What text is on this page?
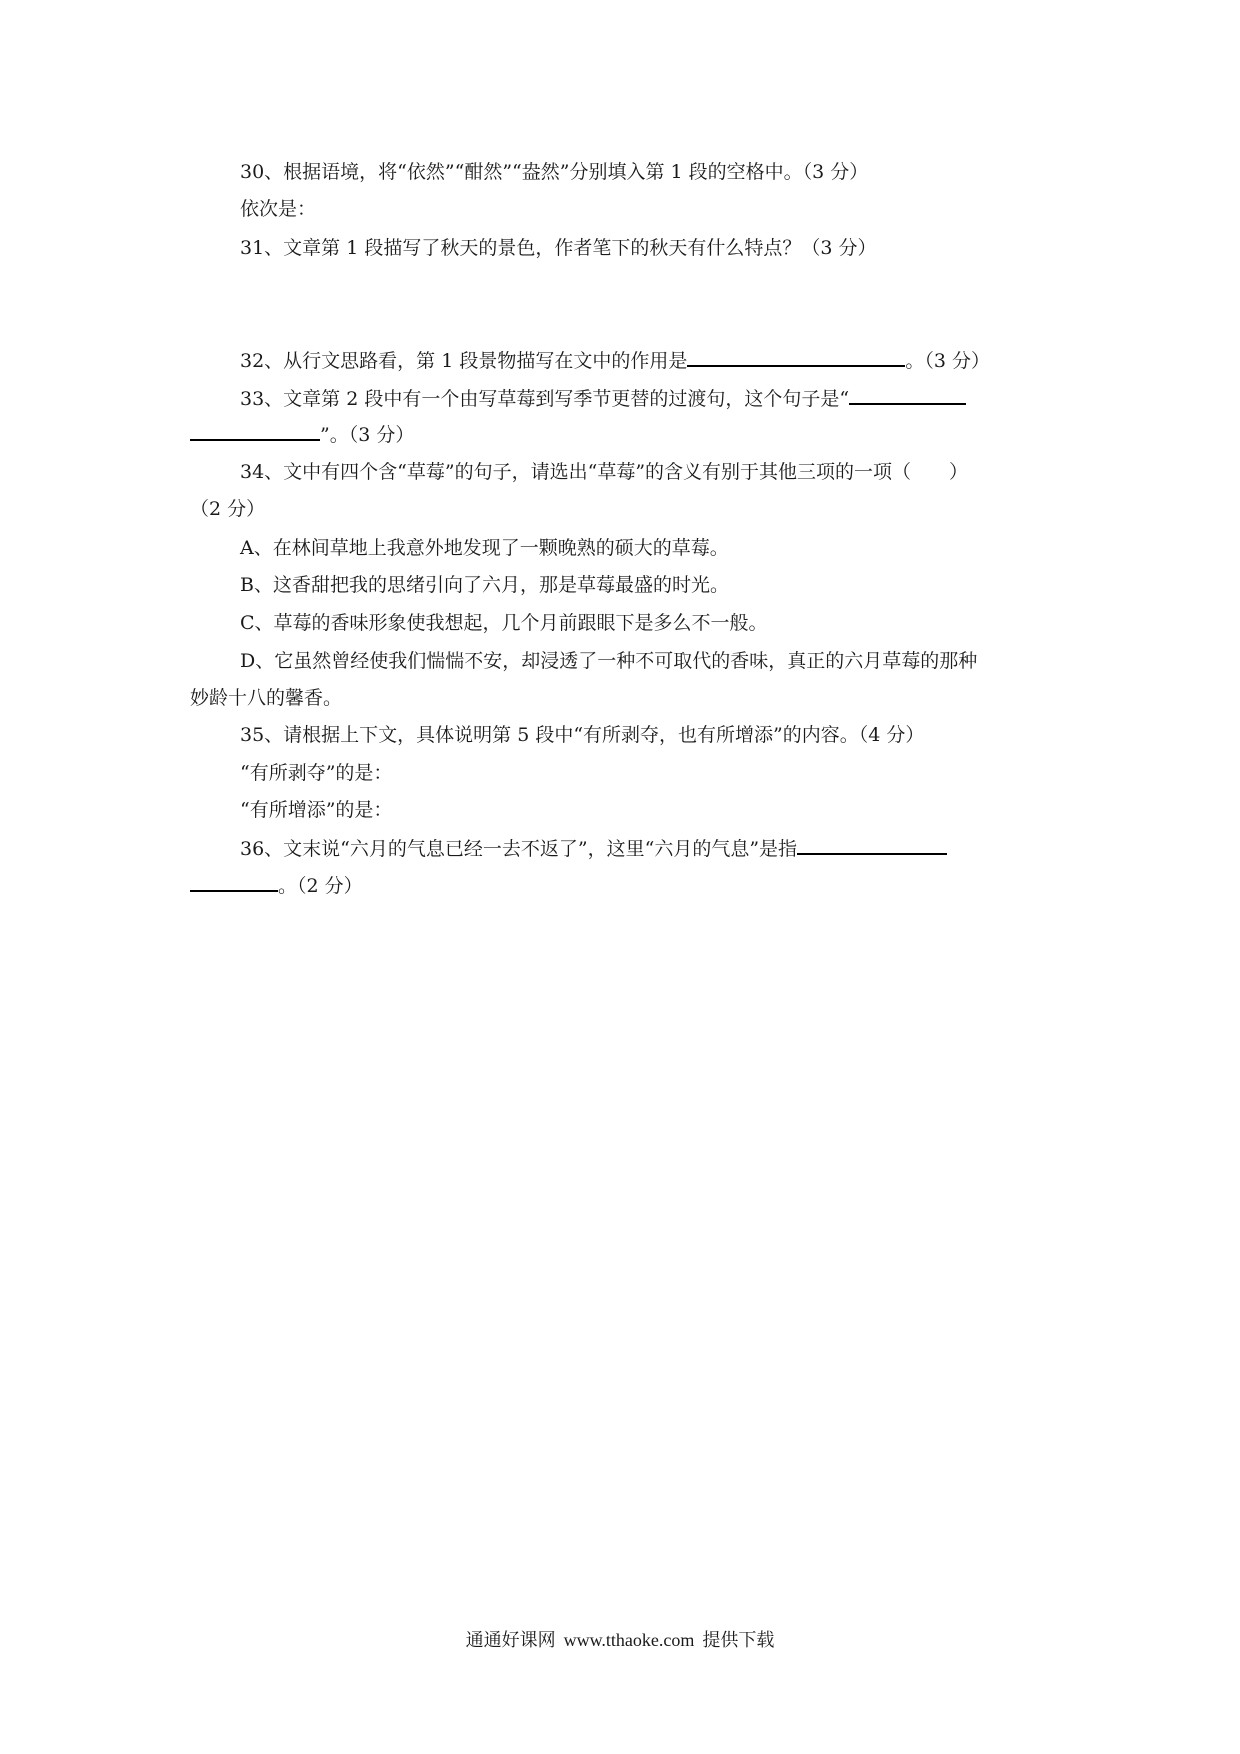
30、根据语境，将“依然”“酣然”“盎然”分别填入第 1 段的空格中。（3 分）
依次是：
31、文章第 1 段描写了秋天的景色，作者笔下的秋天有什么特点？（3 分）
32、从行文思路看，第 1 段景物描写在文中的作用是	。（3 分）
33、文章第 2 段中有一个由写草莓到写季节更替的过渡句，这个句子是“
”。（3 分）
34、文中有四个含“草莓”的句子，请选出“草莓”的含义有别于其他三项的一项（　　）
（2 分）
A、在林间草地上我意外地发现了一颗晚熟的硕大的草莓。
B、这香甜把我的思绪引向了六月，那是草莓最盛的时光。
C、草莓的香味形象使我想起，几个月前跟眼下是多么不一般。
D、它虽然曾经使我们惴惴不安，却浸透了一种不可取代的香味，真正的六月草莓的那种
妙龄十八的馨香。
35、请根据上下文，具体说明第 5 段中“有所剥夺，也有所增添”的内容。（4 分）
“有所剥夺”的是：
“有所增添”的是：
36、文末说“六月的气息已经一去不返了”，这里“六月的气息”是指
。（2 分）
通通好课网 www.tthaoke.com 提供下载
